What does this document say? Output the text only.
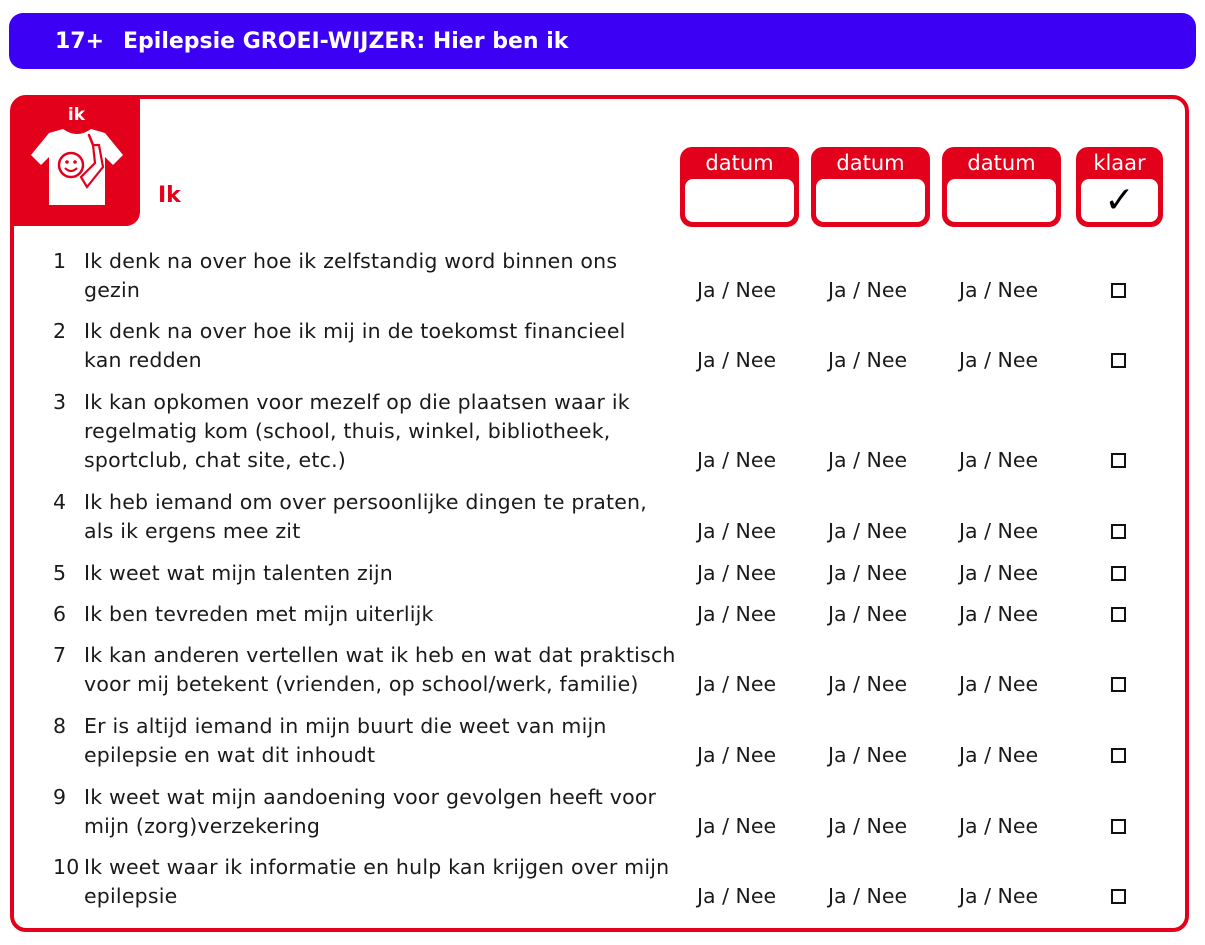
17+ Epilepsie GROEI-WIJZER: Hier ben ik
ik
Ik
datum	datum	datum	klaar
✓
1 Ik denk na over hoe ik zelfstandig word binnen ons
gezin	Ja / Nee	Ja / Nee	Ja / Nee
2 Ik denk na over hoe ik mij in de toekomst financieel
kan redden	Ja / Nee	Ja / Nee	Ja / Nee
3 Ik kan opkomen voor mezelf op die plaatsen waar ik
regelmatig kom (school, thuis, winkel, bibliotheek,
sportclub, chat site, etc.)	Ja / Nee	Ja / Nee	Ja / Nee
4 Ik heb iemand om over persoonlijke dingen te praten,
als ik ergens mee zit	Ja / Nee	Ja / Nee	Ja / Nee
5 Ik weet wat mijn talenten zijn	Ja / Nee	Ja / Nee	Ja / Nee
6 Ik ben tevreden met mijn uiterlijk	Ja / Nee	Ja / Nee	Ja / Nee
7 Ik kan anderen vertellen wat ik heb en wat dat praktisch
voor mij betekent (vrienden, op school/werk, familie)	Ja / Nee	Ja / Nee	Ja / Nee
8 Er is altijd iemand in mijn buurt die weet van mijn
epilepsie en wat dit inhoudt	Ja / Nee	Ja / Nee	Ja / Nee
9 Ik weet wat mijn aandoening voor gevolgen heeft voor
mijn (zorg)verzekering	Ja / Nee	Ja / Nee	Ja / Nee
10 Ik weet waar ik informatie en hulp kan krijgen over mijn
epilepsie	Ja / Nee	Ja / Nee	Ja / Nee
